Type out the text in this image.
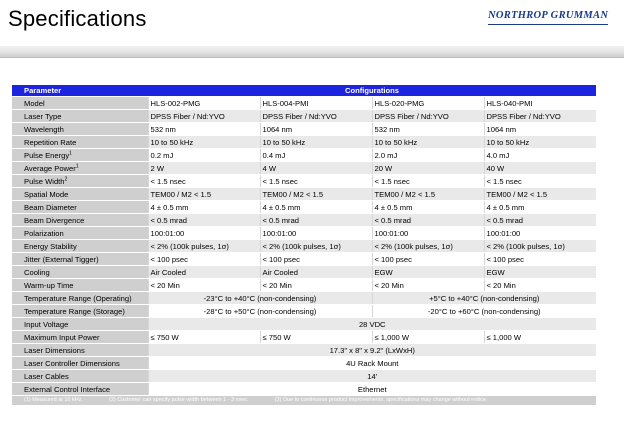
Specifications	NORTHROP GRUMMAN
Parameter	Configurations			
Model	HLS-002-PMG	HLS-004-PMI	HLS-020-PMG	HLS-040-PMI
Laser Type	DPSS Fiber / Nd:YVO	DPSS Fiber / Nd:YVO	DPSS Fiber / Nd:YVO	DPSS Fiber / Nd:YVO
Wavelength	532 nm	1064 nm	532 nm	1064 nm
Repetition Rate	10 to 50 kHz	10 to 50 kHz	10 to 50 kHz	10 to 50 kHz
Pulse Energy$^1$	0.2 mJ	0.4 mJ	2.0 mJ	4.0 mJ
Average Power$^1$	2 W	4 W	20 W	40 W
Pulse Width$^2$	< 1.5 nsec	< 1.5 nsec	< 1.5 nsec	< 1.5 nsec
Spatial Mode	TEM00 / M2 < 1.5	TEM00 / M2 < 1.5	TEM00 / M2 < 1.5	TEM00 / M2 < 1.5
Beam Diameter	4 ± 0.5 mm	4 ± 0.5 mm	4 ± 0.5 mm	4 ± 0.5 mm
Beam Divergence	< 0.5 mrad	< 0.5 mrad	< 0.5 mrad	< 0.5 mrad
Polarization	100:01:00	100:01:00	100:01:00	100:01:00
Energy Stability	< 2% (100k pulses, 1σ)	< 2% (100k pulses, 1σ)	< 2% (100k pulses, 1σ)	< 2% (100k pulses, 1σ)
Jitter (External Tigger)	< 100 psec	< 100 psec	< 100 psec	< 100 psec
Cooling	Air Cooled	Air Cooled	EGW	EGW
Warm-up Time	< 20 Min	< 20 Min	< 20 Min	< 20 Min
Temperature Range (Operating)	-23°C to +40°C (non-condensing)		+5°C to +40°C (non-condensing)	
Temperature Range (Storage)	-28°C to +50°C (non-condensing)		-20°C to +60°C (non-condensing)	
Input Voltage	28 VDC			
Maximum Input Power	≤ 750 W	≤ 750 W	≤ 1,000 W	≤ 1,000 W
Laser Dimensions	17.3" x 8" x 9.2" (LxWxH)			
Laser Controller Dimensions	4U Rack Mount			
Laser Cables	14'			
External Control Interface	Ethernet			
(1) Measured at 10 kHz. (2) Customer can specify pulse width between 1 - 3 nsec. (3) Due to continuous product improvements, specifications may change without notice.				
